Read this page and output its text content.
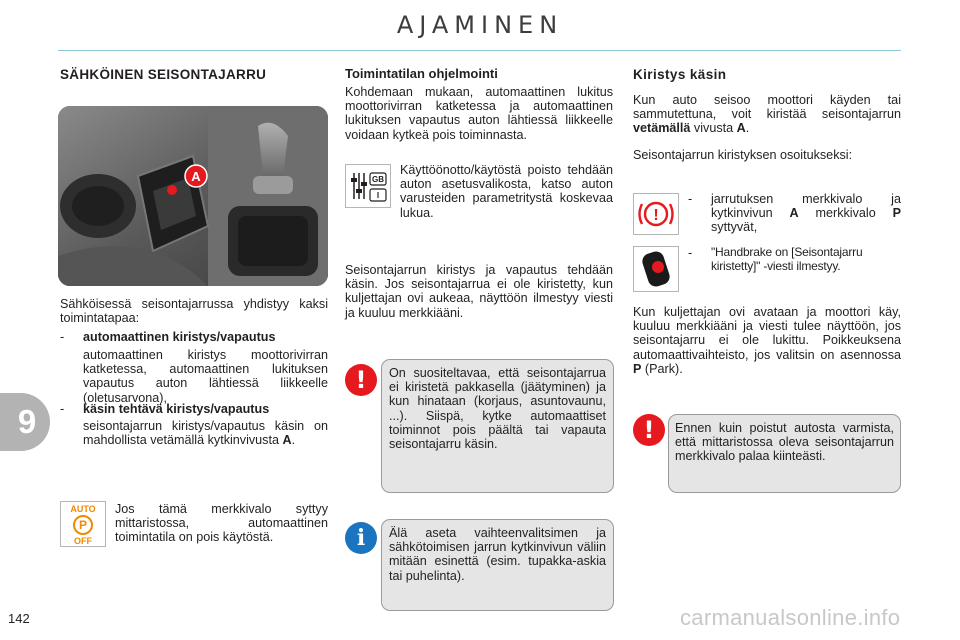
AJAMINEN
9
SÄHKÖINEN SEISONTAJARRU
A

Sähköisessä seisontajarrussa yhdistyy kaksi toimintatapaa:

- automaattinen kiristys/vapautus

automaattinen kiristys moottorivirran katketessa, automaattinen lukituksen vapautus auton lähtiessä liikkeelle (oletusarvona),

- käsin tehtävä kiristys/vapautus

seisontajarrun kiristys/vapautus käsin on mahdollista vetämällä kytkinvivusta A.

AUTO
P
OFF

Jos tämä merkkivalo syttyy mittaristossa, automaattinen toimintatila on pois käytöstä.

Toimintatilan ohjelmointi

Kohdemaan mukaan, automaattinen lukitus moottorivirran katketessa ja automaattinen lukituksen vapautus auton lähtiessä liikkeelle voidaan kytkeä pois toiminnasta.

GB
I

Käyttöönotto/käytöstä poisto tehdään auton asetusvalikosta, katso auton varusteiden parametritystä koskevaa lukua.

Seisontajarrun kiristys ja vapautus tehdään käsin. Jos seisontajarrua ei ole kiristetty, kun kuljettajan ovi aukeaa, näyttöön ilmestyy viesti ja kuuluu merkkiääni.

!	On suositeltavaa, että seisontajarrua ei kiristetä pakkasella (jäätyminen) ja kun hinataan (korjaus, asuntovaunu, ...). Siispä, kytke automaattiset toiminnot pois päältä tai vapauta seisontajarru käsin.

i	Älä aseta vaihteenvalitsimen ja sähkötoimisen jarrun kytkinvivun väliin mitään esinettä (esim. tupakka-askia tai puhelinta).

Kiristys käsin

Kun auto seisoo moottori käyden tai sammutettuna, voit kiristää seisontajarrun vetämällä vivusta A.

Seisontajarrun kiristyksen osoitukseksi:

!
- jarrutuksen merkkivalo ja kytkinvivun A merkkivalo P syttyvät,

- "Handbrake on [Seisontajarru kiristetty]" -viesti ilmestyy.

Kun kuljettajan ovi avataan ja moottori käy, kuuluu merkkiääni ja viesti tulee näyttöön, jos seisontajarru ei ole lukittu. Poikkeuksena automaattivaihteisto, jos valitsin on asennossa P (Park).

!	Ennen kuin poistut autosta varmista, että mittaristossa oleva seisontajarrun merkkivalo palaa kiinteästi.

142	carmanualsonline.info
